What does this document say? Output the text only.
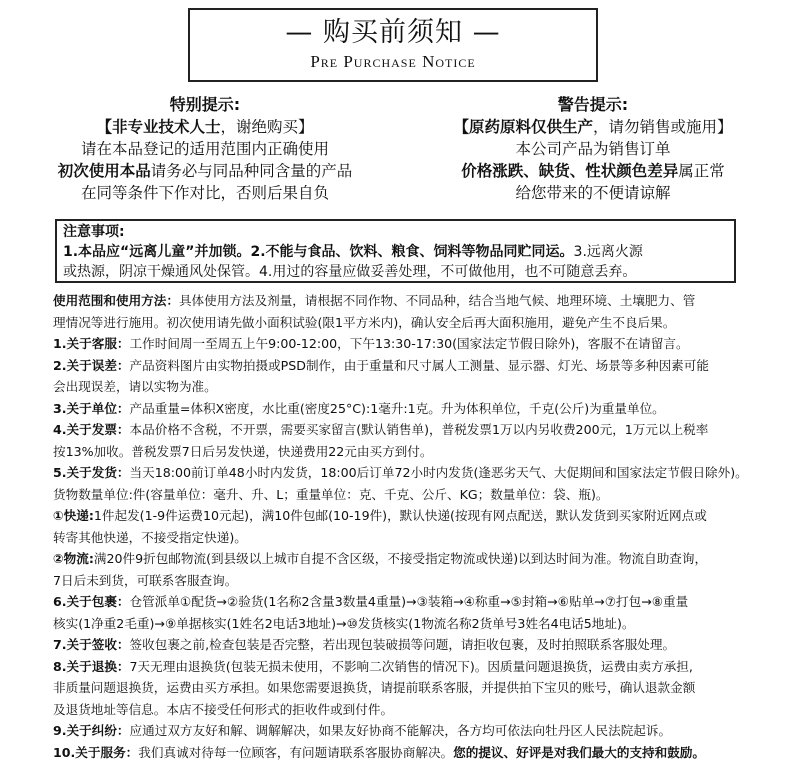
— 购买前须知 —
Pre Purchase Notice
特别提示:
【非专业技术人士，谢绝购买】
请在本品登记的适用范围内正确使用
初次使用本品请务必与同品种同含量的产品
在同等条件下作对比，否则后果自负
警告提示:
【原药原料仅供生产，请勿销售或施用】
本公司产品为销售订单
价格涨跌、缺货、性状颜色差异属正常
给您带来的不便请谅解
注意事项:
1.本品应“远离儿童”并加锁。2.不能与食品、饮料、粮食、饲料等物品同贮同运。3.远离火源
或热源，阴凉干燥通风处保管。4.用过的容量应做妥善处理，不可做他用，也不可随意丢弃。
使用范围和使用方法：具体使用方法及剂量，请根据不同作物、不同品种，结合当地气候、地理环境、土壤肥力、管
理情况等进行施用。初次使用请先做小面积试验(限1平方米内)，确认安全后再大面积施用，避免产生不良后果。
1.关于客服：工作时间周一至周五上午9:00-12:00，下午13:30-17:30(国家法定节假日除外)，客服不在请留言。
2.关于误差：产品资料图片由实物拍摄或PSD制作，由于重量和尺寸属人工测量、显示器、灯光、场景等多种因素可能
会出现误差，请以实物为准。
3.关于单位：产品重量=体积X密度，水比重(密度25°C):1毫升:1克。升为体积单位，千克(公斤)为重量单位。
4.关于发票：本品价格不含税，不开票，需要买家留言(默认销售单)，普税发票1万以内另收费200元，1万元以上税率
按13%加收。普税发票7日后另发快递，快递费用22元由买方到付。
5.关于发货：当天18:00前订单48小时内发货，18:00后订单72小时内发货(逢恶劣天气、大促期间和国家法定节假日除外)。
货物数量单位:件(容量单位：毫升、升、L；重量单位：克、千克、公斤、KG；数量单位：袋、瓶)。
①快递:1件起发(1-9件运费10元起)，满10件包邮(10-19件)，默认快递(按现有网点配送，默认发货到买家附近网点或
转寄其他快递，不接受指定快递)。
②物流:满20件9折包邮物流(到县级以上城市自提不含区级，不接受指定物流或快递)以到达时间为准。物流自助查询，
7日后未到货，可联系客服查询。
6.关于包裹：仓管派单①配货→②验货(1名称2含量3数量4重量)→③装箱→④称重→⑤封箱→⑥贴单→⑦打包→⑧重量
核实(1净重2毛重)→⑨单据核实(1姓名2电话3地址)→⑩发货核实(1物流名称2货单号3姓名4电话5地址)。
7.关于签收：签收包裹之前,检查包装是否完整，若出现包装破损等问题，请拒收包裹，及时拍照联系客服处理。
8.关于退换：7天无理由退换货(包装无损未使用，不影响二次销售的情况下)。因质量问题退换货，运费由卖方承担,
非质量问题退换货，运费由买方承担。如果您需要退换货，请提前联系客服，并提供拍下宝贝的账号，确认退款金额
及退货地址等信息。本店不接受任何形式的拒收件或到付件。
9.关于纠纷：应通过双方友好和解、调解解决，如果友好协商不能解决，各方均可依法向牡丹区人民法院起诉。
10.关于服务：我们真诚对待每一位顾客，有问题请联系客服协商解决。您的提议、好评是对我们最大的支持和鼓励。
